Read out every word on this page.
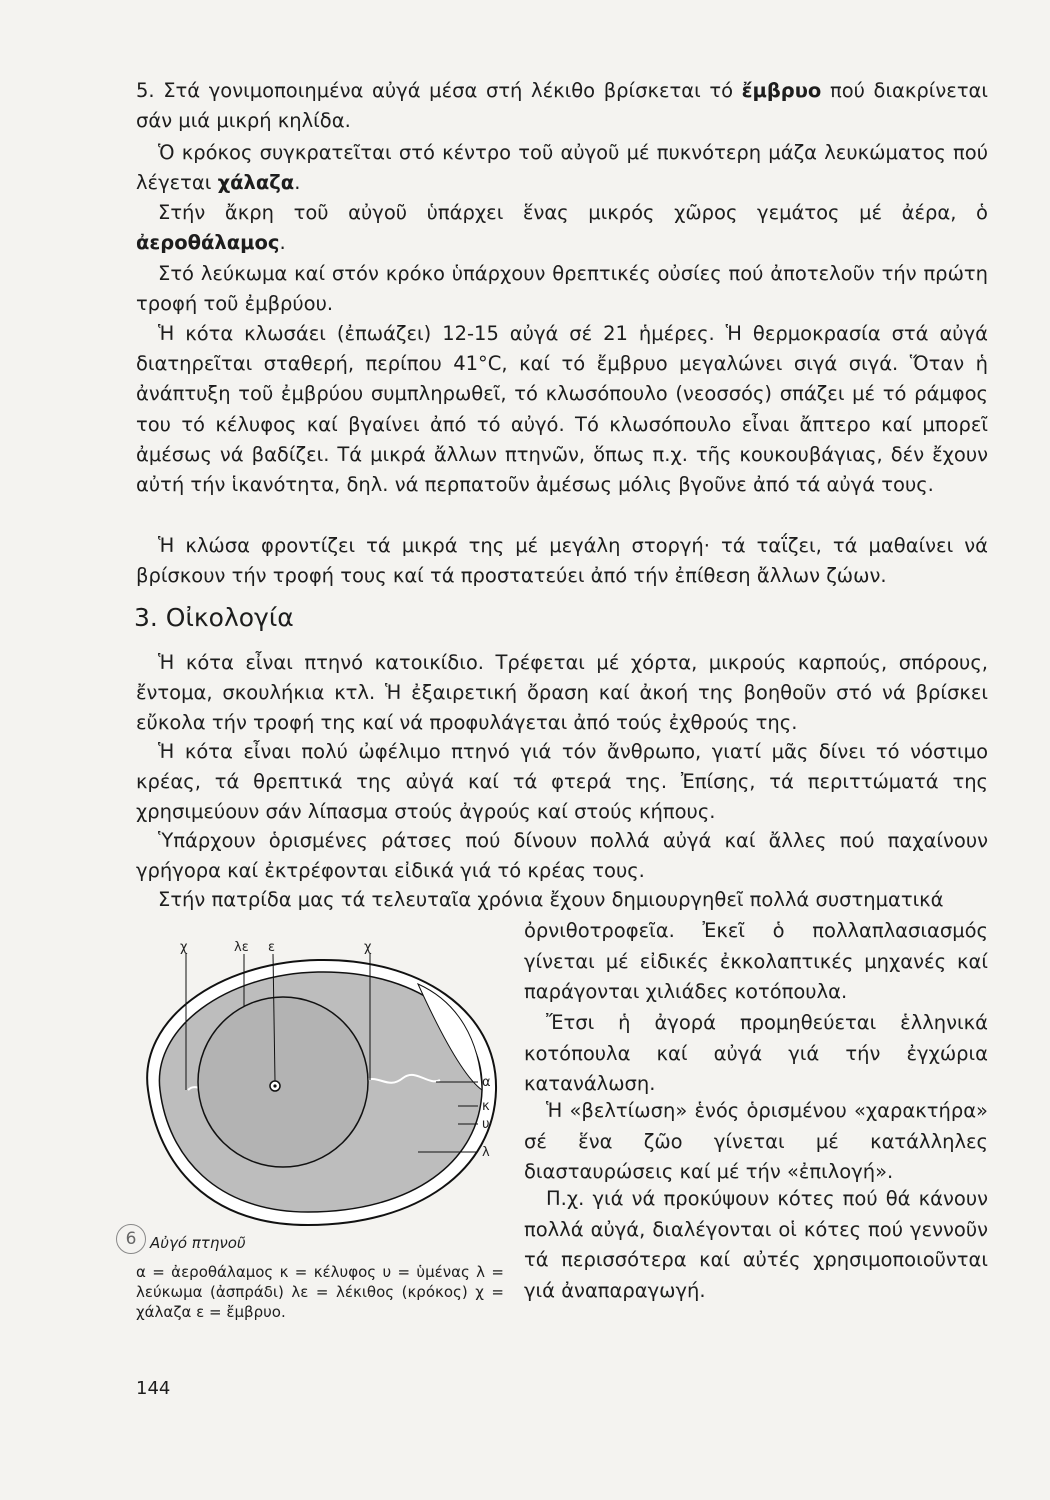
5. Στά γονιμοποιημένα αὐγά μέσα στή λέκιθο βρίσκεται τό ἔμβρυο πού διακρίνεται σάν μιά μικρή κηλίδα.

Ὁ κρόκος συγκρατεῖται στό κέντρο τοῦ αὐγοῦ μέ πυκνότερη μάζα λευκώματος πού λέγεται χάλαζα.

Στήν ἄκρη τοῦ αὐγοῦ ὑπάρχει ἕνας μικρός χῶρος γεμάτος μέ ἀέρα, ὁ ἀεροθάλαμος.

Στό λεύκωμα καί στόν κρόκο ὑπάρχουν θρεπτικές οὐσίες πού ἀποτελοῦν τήν πρώτη τροφή τοῦ ἐμβρύου.

Ἡ κότα κλωσάει (ἐπωάζει) 12-15 αὐγά σέ 21 ἡμέρες. Ἡ θερμοκρασία στά αὐγά διατηρεῖται σταθερή, περίπου 41°C, καί τό ἔμβρυο μεγαλώνει σιγά σιγά. Ὅταν ἡ ἀνάπτυξη τοῦ ἐμβρύου συμπληρωθεῖ, τό κλωσόπουλο (νεοσσός) σπάζει μέ τό ράμφος του τό κέλυφος καί βγαίνει ἀπό τό αὐγό. Τό κλωσόπουλο εἶναι ἄπτερο καί μπορεῖ ἀμέσως νά βαδίζει. Τά μικρά ἄλλων πτηνῶν, ὅπως π.χ. τῆς κουκουβάγιας, δέν ἔχουν αὐτή τήν ἱκανότητα, δηλ. νά περπατοῦν ἀμέσως μόλις βγοῦνε ἀπό τά αὐγά τους.

Ἡ κλώσα φροντίζει τά μικρά της μέ μεγάλη στοργή· τά ταΐζει, τά μαθαίνει νά βρίσκουν τήν τροφή τους καί τά προστατεύει ἀπό τήν ἐπίθεση ἄλλων ζώων.

3. Οἰκολογία

Ἡ κότα εἶναι πτηνό κατοικίδιο. Τρέφεται μέ χόρτα, μικρούς καρπούς, σπόρους, ἔντομα, σκουλήκια κτλ. Ἡ ἐξαιρετική ὄραση καί ἀκοή της βοηθοῦν στό νά βρίσκει εὔκολα τήν τροφή της καί νά προφυλάγεται ἀπό τούς ἐχθρούς της.

Ἡ κότα εἶναι πολύ ὠφέλιμο πτηνό γιά τόν ἄνθρωπο, γιατί μᾶς δίνει τό νόστιμο κρέας, τά θρεπτικά της αὐγά καί τά φτερά της. Ἐπίσης, τά περιττώματά της χρησιμεύουν σάν λίπασμα στούς ἀγρούς καί στούς κήπους.

Ὑπάρχουν ὁρισμένες ράτσες πού δίνουν πολλά αὐγά καί ἄλλες πού παχαίνουν γρήγορα καί ἐκτρέφονται εἰδικά γιά τό κρέας τους.

Στήν πατρίδα μας τά τελευταῖα χρόνια ἔχουν δημιουργηθεῖ πολλά συστηματικά

ὀρνιθοτροφεῖα. Ἐκεῖ ὁ πολλαπλασιασμός γίνεται μέ εἰδικές ἐκκολαπτικές μηχανές καί παράγονται χιλιάδες κοτόπουλα.

Ἔτσι ἡ ἀγορά προμηθεύεται ἑλληνικά κοτόπουλα καί αὐγά γιά τήν ἐγχώρια κατανάλωση.

Ἡ «βελτίωση» ἑνός ὁρισμένου «χαρακτήρα» σέ ἕνα ζῶο γίνεται μέ κατάλληλες διασταυρώσεις καί μέ τήν «ἐπιλογή».

Π.χ. γιά νά προκύψουν κότες πού θά κάνουν πολλά αὐγά, διαλέγονται οἱ κότες πού γεννοῦν τά περισσότερα καί αὐτές χρησιμοποιοῦνται γιά ἀναπαραγωγή.

χ	λε ε	χ
α
κ
υ
λ
6 Αὐγό πτηνοῦ

α = ἀεροθάλαμος κ = κέλυφος υ = ὑμένας λ = λεύκωμα (ἀσπράδι) λε = λέκιθος (κρόκος) χ = χάλαζα ε = ἔμβρυο.

144
